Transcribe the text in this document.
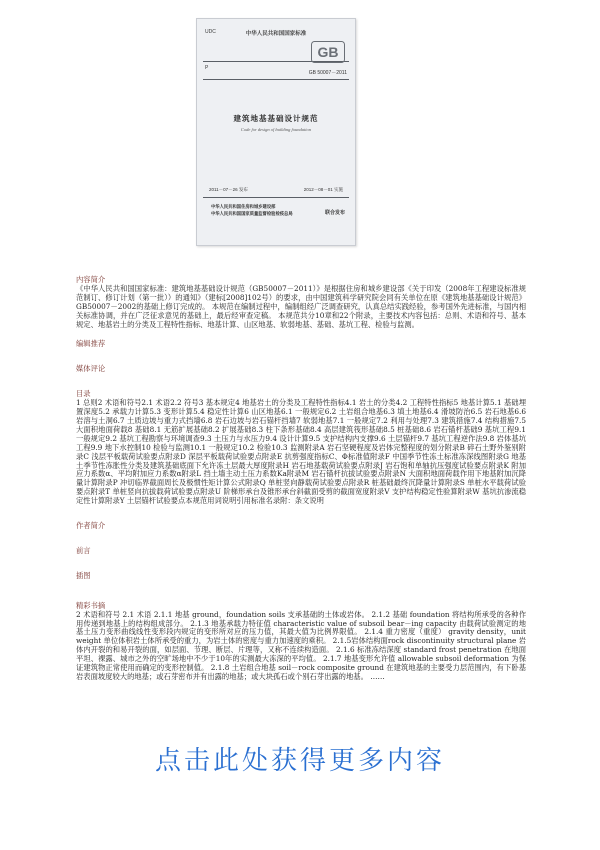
UDC	中华人民共和国国家标准
P
GB
GB 50007－2011
建筑地基基础设计规范
Code for design of building foundation
2011－07－26 发布	2012－08－01 实施
中华人民共和国住房和城乡建设部
中华人民共和国国家质量监督检验检疫总局	联合发布

内容简介

《中华人民共和国国家标准：建筑地基基础设计规范（GB50007－2011）》是根据住房和城乡建设部《关于印发（2008年工程建设标准规范制订、修订计划（第一批））的通知》（建标[2008]102号）的要求，由中国建筑科学研究院会同有关单位在原《建筑地基基础设计规范》GB50007－2002的基础上修订完成的。 本规范在编制过程中，编制组经广泛调查研究，认真总结实践经验，参考国外先进标准，与国内相关标准协调，并在广泛征求意见的基础上，最后经审查定稿。 本规范共分10章和22个附录，主要技术内容包括：总则、术语和符号、基本规定、地基岩土的分类及工程特性指标、地基计算、山区地基、软弱地基、基础、基坑工程、检验与监测。

编辑推荐

媒体评论

目录

1 总则2 术语和符号2.1 术语2.2 符号3 基本规定4 地基岩土的分类及工程特性指标4.1 岩土的分类4.2 工程特性指标5 地基计算5.1 基础埋置深度5.2 承载力计算5.3 变形计算5.4 稳定性计算6 山区地基6.1 一般规定6.2 土岩组合地基6.3 填土地基6.4 滑坡防治6.5 岩石地基6.6 岩溶与土洞6.7 土质边坡与重力式挡墙6.8 岩石边坡与岩石锚杆挡墙7 软弱地基7.1 一般规定7.2 利用与处理7.3 建筑措施7.4 结构措施7.5 大面积地面荷载8 基础8.1 无筋扩展基础8.2 扩展基础8.3 柱下条形基础8.4 高层建筑筏形基础8.5 桩基础8.6 岩石锚杆基础9 基坑工程9.1 一般规定9.2 基坑工程勘察与环境调查9.3 土压力与水压力9.4 设计计算9.5 支护结构内支撑9.6 土层锚杆9.7 基坑工程逆作法9.8 岩体基坑工程9.9 地下水控制10 检验与监测10.1 一般规定10.2 检验10.3 监测附录A 岩石坚硬程度及岩体完整程度的划分附录B 碎石土野外鉴别附录C 浅层平板载荷试验要点附录D 深层平板载荷试验要点附录E 抗剪强度指标C、Φ标准值附录F 中国季节性冻土标准冻深线图附录G 地基土季节性冻胀性分类及建筑基础底面下允许冻土层最大厚度附录H 岩石地基载荷试验要点附录J 岩石饱和单轴抗压强度试验要点附录K 附加应力系数α、平均附加应力系数α附录L 挡土墙主动土压力系数Ka附录M 岩石锚杆抗拔试验要点附录N 大面积地面荷载作用下地基附加沉降量计算附录P 冲切临界截面周长及极惯性矩计算公式附录Q 单桩竖向静载荷试验要点附录R 桩基础最终沉降量计算附录S 单桩水平载荷试验要点附录T 单桩竖向抗拔载荷试验要点附录U 阶梯形承台及锥形承台斜截面受剪的截面宽度附录V 支护结构稳定性验算附录W 基坑抗渗流稳定性计算附录Y 土层锚杆试验要点本规范用词说明引用标准名录附：条文说明

作者简介

前言

插图

精彩书摘

2 术语和符号 2.1 术语 2.1.1 地基 ground，foundation soils 支承基础的土体或岩体。 2.1.2 基础 foundation 将结构所承受的各种作用传递到地基上的结构组成部分。 2.1.3 地基承载力特征值 characteristic value of subsoil bear－ing capacity 由载荷试验测定的地基土压力变形曲线线性变形段内规定的变形所对应的压力值，其最大值为比例界限值。 2.1.4 重力密度（重度） gravity density，unit weight 单位体积岩土体所承受的重力，为岩土体的密度与重力加速度的乘积。 2.1.5岩体结构面rock discontinuity structural plane 岩体内开裂的和易开裂的面，如层面、节理、断层、片理等，又称不连续构造面。 2.1.6 标准冻结深度 standard frost penetration 在地面平坦、裸露、城市之外的空旷场地中不少于10年的实测最大冻深的平均值。 2.1.7 地基变形允许值 allowable subsoil deformation 为保证建筑物正常使用而确定的变形控制值。 2.1.8 土岩组合地基 soil－rock composite ground 在建筑地基的主要受力层范围内，有下卧基岩表面坡度较大的地基；或石芽密布并有出露的地基；或大块孤石或个别石芽出露的地基。 ……

点击此处获得更多内容
